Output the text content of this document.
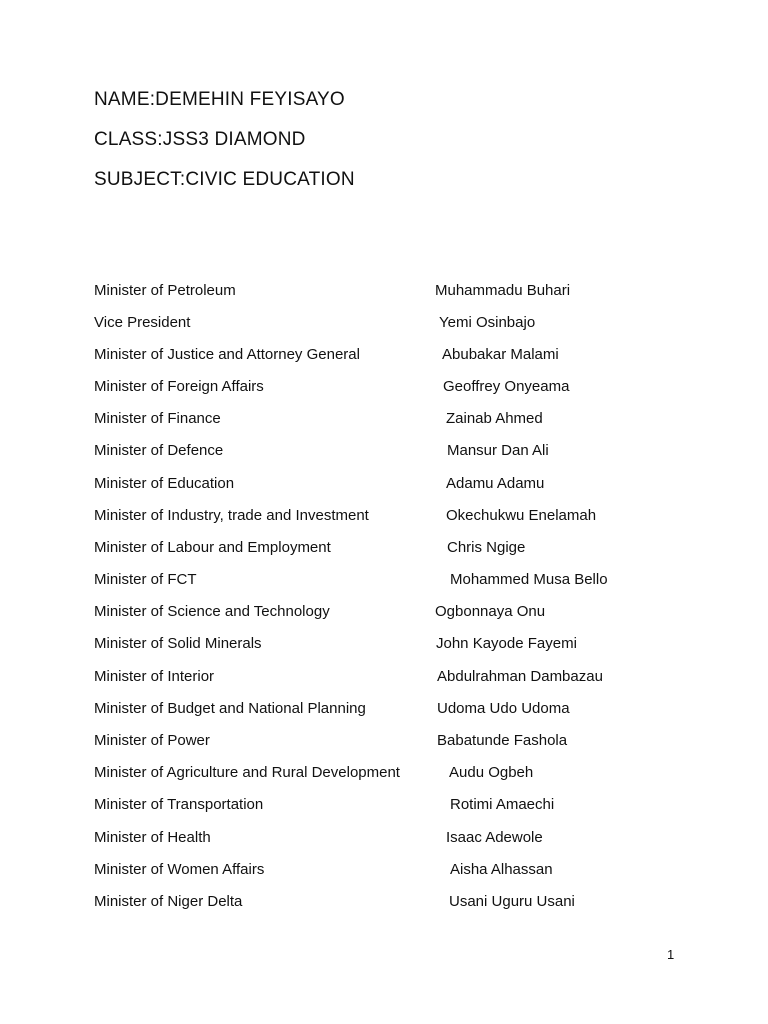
NAME:DEMEHIN FEYISAYO
CLASS:JSS3 DIAMOND
SUBJECT:CIVIC EDUCATION
Minister of Petroleum	Muhammadu Buhari
Vice President	Yemi Osinbajo
Minister of Justice and Attorney General	Abubakar Malami
Minister of Foreign Affairs	Geoffrey Onyeama
Minister of Finance	Zainab Ahmed
Minister of Defence	Mansur Dan Ali
Minister of Education	Adamu Adamu
Minister of Industry, trade and Investment	Okechukwu Enelamah
Minister of Labour and Employment	Chris Ngige
Minister of FCT	Mohammed Musa Bello
Minister of Science and Technology	Ogbonnaya Onu
Minister of Solid Minerals	John Kayode Fayemi
Minister of Interior	Abdulrahman Dambazau
Minister of Budget and National Planning	Udoma Udo Udoma
Minister of Power	Babatunde Fashola
Minister of Agriculture and Rural Development	Audu Ogbeh
Minister of Transportation	Rotimi Amaechi
Minister of Health	Isaac Adewole
Minister of Women Affairs	Aisha Alhassan
Minister of Niger Delta	Usani Uguru Usani
1
